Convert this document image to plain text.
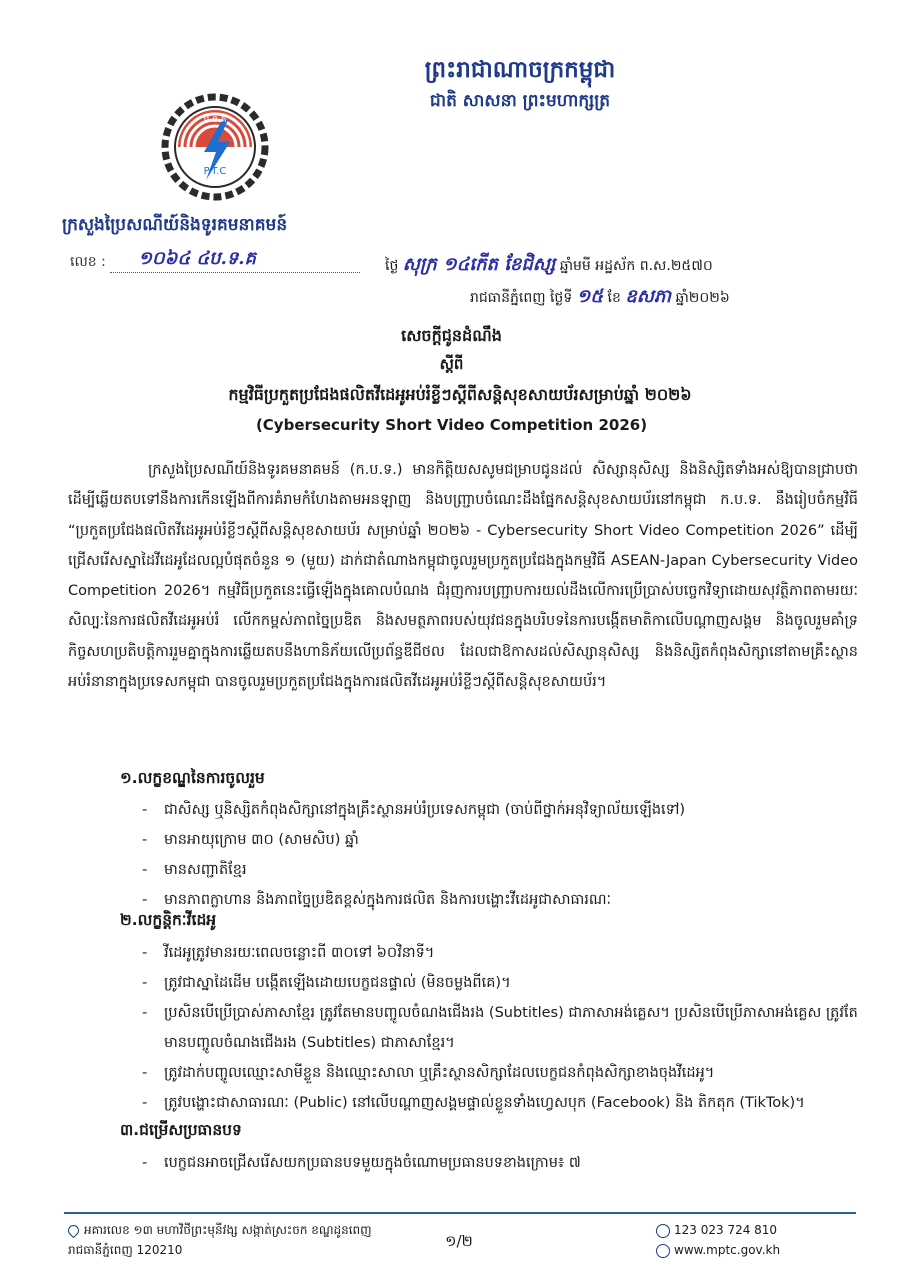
ព្រះរាជាណាចក្រកម្ពុជា
ជាតិ សាសនា ព្រះមហាក្សត្រ
ប.ទ.គ
P.T.C
ក្រសួងប្រៃសណីយ៍និងទូរគមនាគមន៍
លេខ : ១០៦៤ ៤ប.ទ.គ	ថ្ងៃ សុក្រ ១៤កើត ខែជិស្ស ឆ្នាំមមី អដ្ឋស័ក ព.ស.២៥៧០
រាជធានីភ្នំពេញ ថ្ងៃទី ១៥ ខែ ឧសភា ឆ្នាំ២០២៦
សេចក្តីជូនដំណឹង
ស្តីពី
កម្មវិធីប្រកួតប្រជែងផលិតវីដេអូអប់រំខ្លីៗស្តីពីសន្តិសុខសាយប័រសម្រាប់ឆ្នាំ ២០២៦
(Cybersecurity Short Video Competition 2026)

ក្រសួងប្រៃសណីយ៍និងទូរគមនាគមន៍ (ក.ប.ទ.) មានកិត្តិយសសូមជម្រាបជូនដល់ សិស្សានុសិស្ស និងនិស្សិតទាំងអស់ឱ្យបានជ្រាបថា ដើម្បីឆ្លើយតបទៅនឹងការកើនឡើងពីការគំរាមកំហែងតាមអនឡាញ និងបញ្ជ្រាបចំណេះដឹងផ្នែកសន្តិសុខសាយប័រនៅកម្ពុជា ក.ប.ទ. នឹងរៀបចំកម្មវិធី “ប្រកួតប្រជែងផលិតវីដេអូអប់រំខ្លីៗស្តីពីសន្តិសុខសាយប័រ សម្រាប់ឆ្នាំ ២០២៦ - Cybersecurity Short Video Competition 2026” ដើម្បីជ្រើសរើសស្នាដៃវីដេអូដែលល្អបំផុតចំនួន ១ (មួយ) ដាក់ជាតំណាងកម្ពុជាចូលរួមប្រកួតប្រជែងក្នុងកម្មវិធី ASEAN-Japan Cybersecurity Video Competition 2026។ កម្មវិធីប្រកួតនេះធ្វើឡើងក្នុងគោលបំណង ជំរុញការបញ្ជ្រាបការយល់ដឹងលើការប្រើប្រាស់បច្ចេកវិទ្យាដោយសុវត្ថិភាពតាមរយៈសិល្បៈនៃការផលិតវីដេអូអប់រំ លើកកម្ពស់ភាពច្នៃប្រឌិត និងសមត្ថភាពរបស់យុវជនក្នុងបរិបទនៃការបង្កើតមាតិកាលើបណ្តាញសង្គម និងចូលរួមគាំទ្រកិច្ចសហប្រតិបត្តិការរួមគ្នាក្នុងការឆ្លើយតបនឹងហានិភ័យលើប្រព័ន្ធឌីជីថល ដែលជាឱកាសដល់សិស្សានុសិស្ស និងនិស្សិតកំពុងសិក្សានៅតាមគ្រឹះស្ថានអប់រំនានាក្នុងប្រទេសកម្ពុជា បានចូលរួមប្រកួតប្រជែងក្នុងការផលិតវីដេអូអប់រំខ្លីៗស្តីពីសន្តិសុខសាយប័រ។

១.លក្ខខណ្ឌនៃការចូលរួម
- ជាសិស្ស ឬនិស្សិតកំពុងសិក្សានៅក្នុងគ្រឹះស្ថានអប់រំប្រទេសកម្ពុជា (ចាប់ពីថ្នាក់អនុវិទ្យាល័យឡើងទៅ)
- មានអាយុក្រោម ៣០ (សាមសិប) ឆ្នាំ
- មានសញ្ជាតិខ្មែរ
- មានភាពក្លាហាន និងភាពច្នៃប្រឌិតខ្ពស់ក្នុងការផលិត និងការបង្ហោះវីដេអូជាសាធារណៈ
២.លក្ខន្តិកៈវីដេអូ
- វីដេអូត្រូវមានរយៈពេលចន្លោះពី ៣០ទៅ ៦០វិនាទី។
- ត្រូវជាស្នាដៃដើម បង្កើតឡើងដោយបេក្ខជនផ្ទាល់ (មិនចម្លងពីគេ)។
- ប្រសិនបើប្រើប្រាស់ភាសាខ្មែរ ត្រូវតែមានបញ្ចូលចំណងជើងរង (Subtitles) ជាភាសាអង់គ្លេស។ ប្រសិនបើប្រើភាសាអង់គ្លេស ត្រូវតែមានបញ្ចូលចំណងជើងរង (Subtitles) ជាភាសាខ្មែរ។
- ត្រូវដាក់បញ្ចូលឈ្មោះសាមីខ្លួន និងឈ្មោះសាលា ឬគ្រឹះស្ថានសិក្សាដែលបេក្ខជនកំពុងសិក្សាខាងចុងវីដេអូ។
- ត្រូវបង្ហោះជាសាធារណៈ (Public) នៅលើបណ្តាញសង្គមផ្ទាល់ខ្លួនទាំងហ្វេសបុក (Facebook) និង តិកតុក (TikTok)។
៣.ជម្រើសប្រធានបទ
- បេក្ខជនអាចជ្រើសរើសយកប្រធានបទមួយក្នុងចំណោមប្រធានបទខាងក្រោម៖ ៧
អគារលេខ ១៣ មហាវិថីព្រះមុនីវង្ស សង្កាត់ស្រះចក ខណ្ឌដូនពេញ រាជធានីភ្នំពេញ 120210	១/២
123 023 724 810
www.mptc.gov.kh
